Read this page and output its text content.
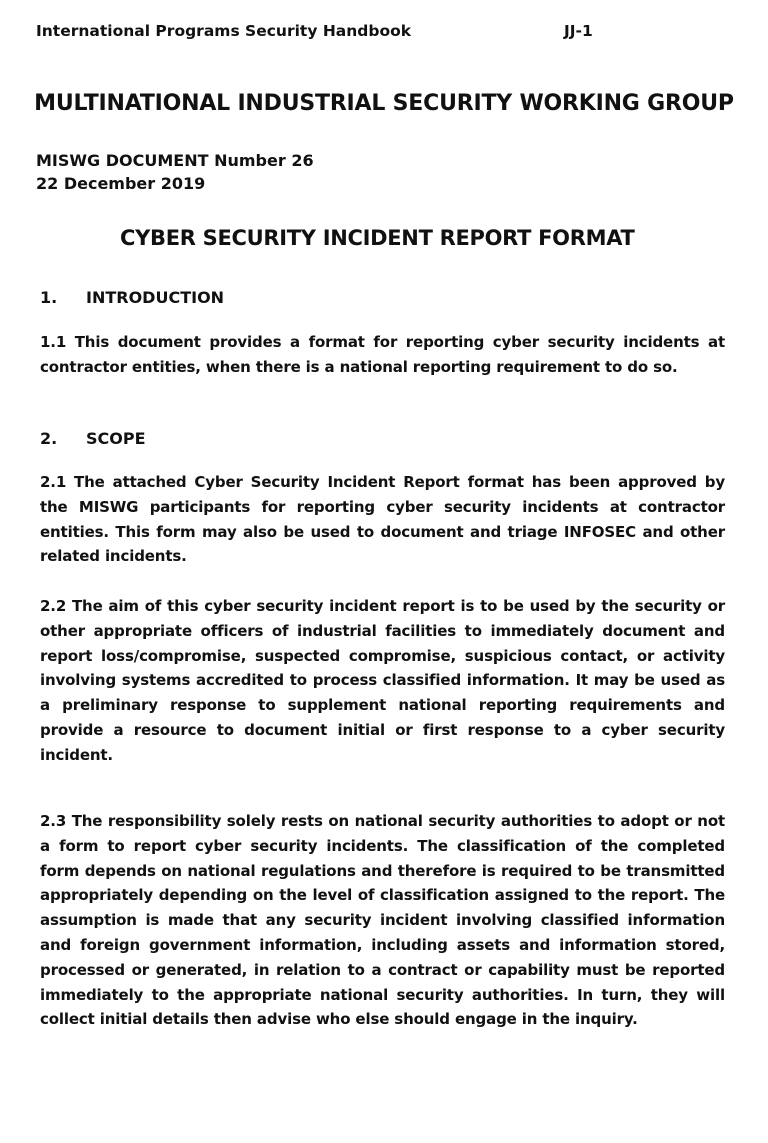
International Programs Security Handbook	JJ-1
MULTINATIONAL INDUSTRIAL SECURITY WORKING GROUP
MISWG DOCUMENT Number 26
22 December 2019
CYBER SECURITY INCIDENT REPORT FORMAT
1. INTRODUCTION
1.1 This document provides a format for reporting cyber security incidents at contractor entities, when there is a national reporting requirement to do so.
2. SCOPE
2.1 The attached Cyber Security Incident Report format has been approved by the MISWG participants for reporting cyber security incidents at contractor entities. This form may also be used to document and triage INFOSEC and other related incidents.
2.2 The aim of this cyber security incident report is to be used by the security or other appropriate officers of industrial facilities to immediately document and report loss/compromise, suspected compromise, suspicious contact, or activity involving systems accredited to process classified information. It may be used as a preliminary response to supplement national reporting requirements and provide a resource to document initial or first response to a cyber security incident.
2.3 The responsibility solely rests on national security authorities to adopt or not a form to report cyber security incidents. The classification of the completed form depends on national regulations and therefore is required to be transmitted appropriately depending on the level of classification assigned to the report. The assumption is made that any security incident involving classified information and foreign government information, including assets and information stored, processed or generated, in relation to a contract or capability must be reported immediately to the appropriate national security authorities. In turn, they will collect initial details then advise who else should engage in the inquiry.
